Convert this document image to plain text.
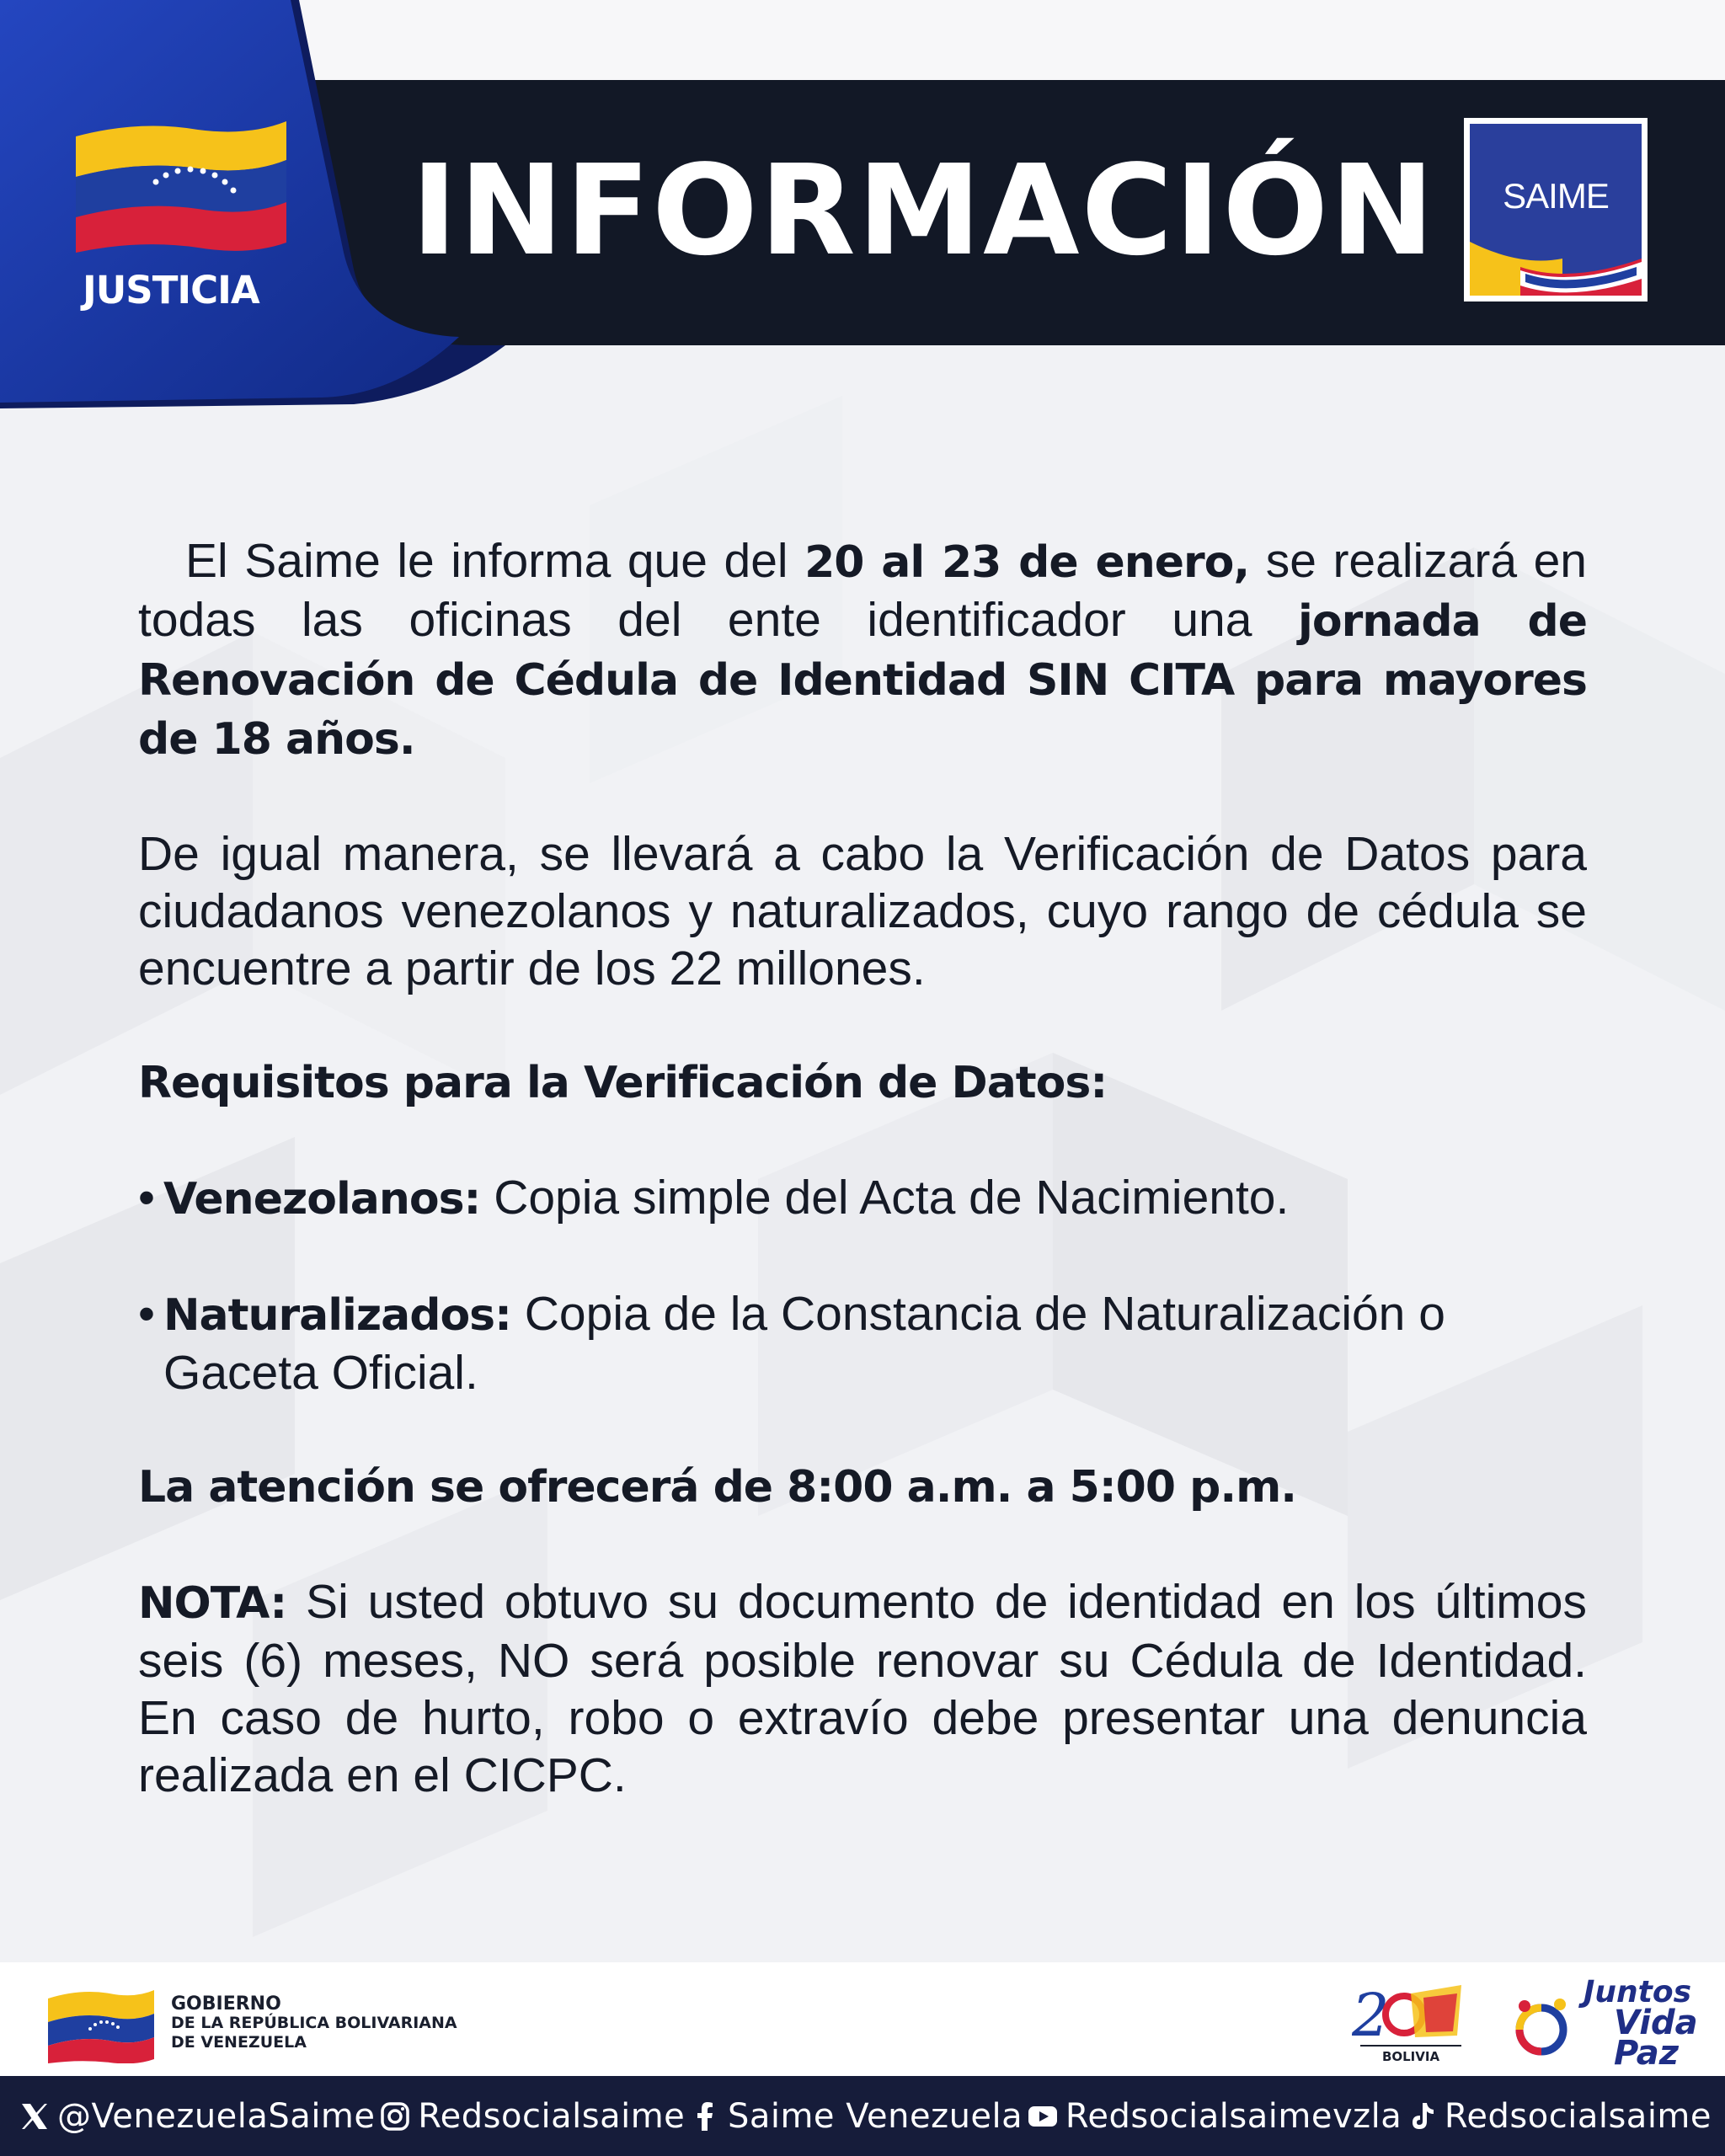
JUSTICIA
INFORMACIÓN	SAIME

El Saime le informa que del 20 al 23 de enero, se realizará en todas las oficinas del ente identificador una jornada de Renovación de Cédula de Identidad SIN CITA para mayores de 18 años.

De igual manera, se llevará a cabo la Verificación de Datos para ciudadanos venezolanos y naturalizados, cuyo rango de cédula se encuentre a partir de los 22 millones.

Requisitos para la Verificación de Datos:

• Venezolanos: Copia simple del Acta de Nacimiento.

• Naturalizados: Copia de la Constancia de Naturalización o Gaceta Oficial.

La atención se ofrecerá de 8:00 a.m. a 5:00 p.m.

NOTA: Si usted obtuvo su documento de identidad en los últimos seis (6) meses, NO será posible renovar su Cédula de Identidad. En caso de hurto, robo o extravío debe presentar una denuncia realizada en el CICPC.

GOBIERNO
DE LA REPÚBLICA BOLIVARIANA
DE VENEZUELA	2
BOLIVIA
Juntos
Vida
Paz
@VenezuelaSaime Redsocialsaime Saime Venezuela Redsocialsaimevzla Redsocialsaime
